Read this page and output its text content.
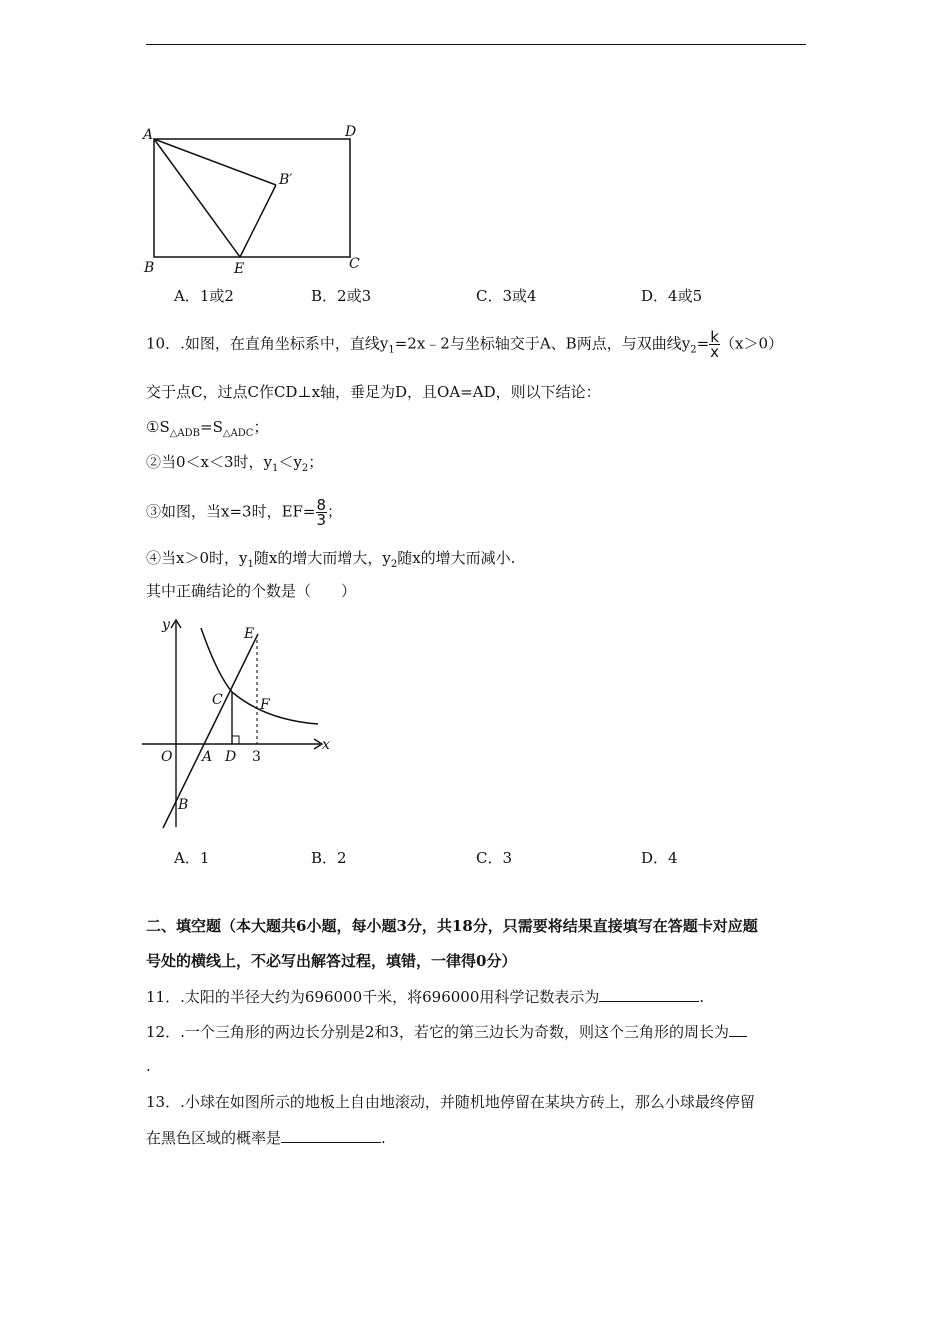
A	D
B′
B	E	C
A．1或2	B．2或3	C．3或4	D．4或5
10．.如图，在直角坐标系中，直线$y_1=2x﹣2$与坐标轴交于A、B两点，与双曲线$y_2= \frac{k}{x} (x>0)$
交于点C，过点C作CD⊥x轴，垂足为D，且OA=AD，则以下结论：
$①S_{\triangle ADB}=S_{\triangle ADC}$；
②当0＜x＜3时，$y_1<y_2$；
③如图，当x=3时，$EF= \frac{8}{3}$ ；
④当x＞0时，$y_1$随x的增大而增大，$y_2$随x的增大而减小.
其中正确结论的个数是（　　）
y
x
E
C	F
O A D 3
B
A．1	B．2	C．3	D．4
二、填空题（本大题共6小题，每小题3分，共18分，只需要将结果直接填写在答题卡对应题
号处的横线上，不必写出解答过程，填错，一律得0分）
11．.太阳的半径大约为696000千米，将696000用科学记数表示为	.
12．.一个三角形的两边长分别是2和3，若它的第三边长为奇数，则这个三角形的周长为
.
13．.小球在如图所示的地板上自由地滚动，并随机地停留在某块方砖上，那么小球最终停留
在黑色区域的概率是	.
